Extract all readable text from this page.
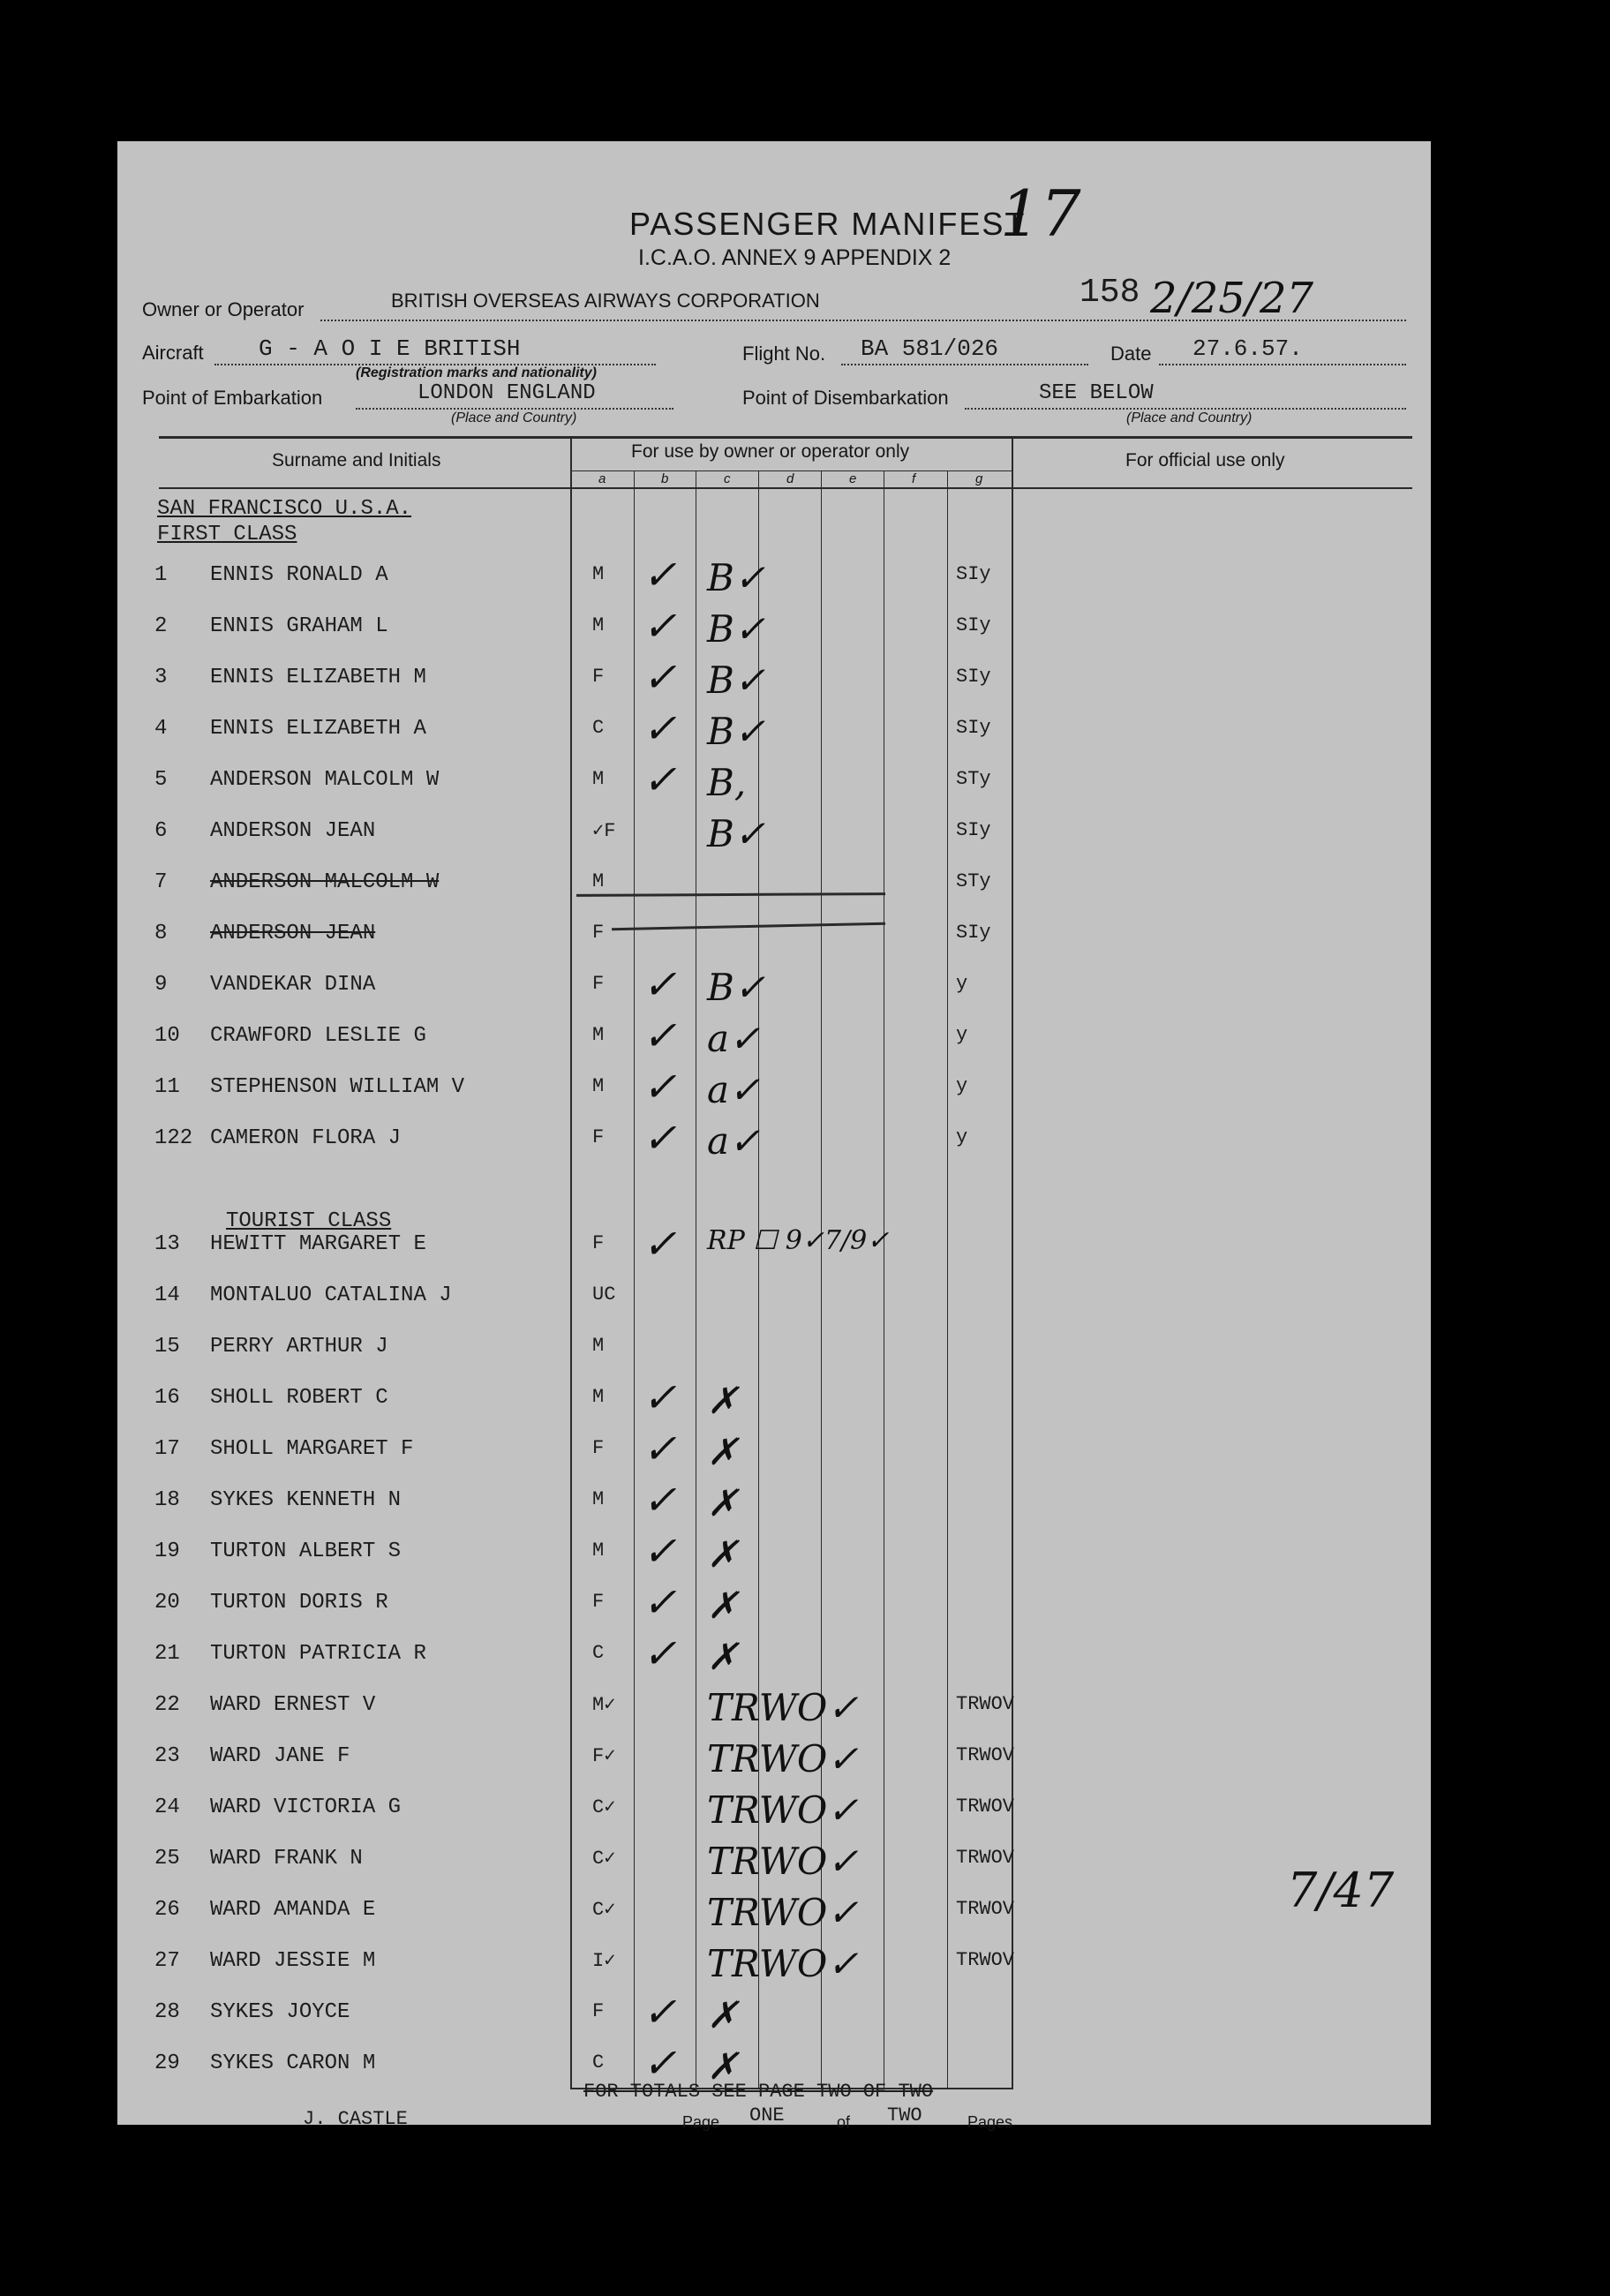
PASSENGER MANIFEST
I.C.A.O. ANNEX 9 APPENDIX 2
17
158 2/25/27
Owner or Operator	BRITISH OVERSEAS AIRWAYS CORPORATION
Aircraft G - A O I E BRITISH
(Registration marks and nationality)
Flight No. BA 581/026	Date 27.6.57.
Point of Embarkation	LONDON ENGLAND
(Place and Country)
Point of Disembarkation	SEE BELOW
(Place and Country)
Surname and Initials	For use by owner or operator only	For official use only
a	b	c	d	e	f	g
SAN FRANCISCO U.S.A.
FIRST CLASS
TOURIST CLASS
1 ENNIS RONALD A	M ✓ B✓	SIy
2 ENNIS GRAHAM L	M ✓ B✓	SIy
3 ENNIS ELIZABETH M	F ✓ B✓	SIy
4 ENNIS ELIZABETH A	C ✓ B✓	SIy
5 ANDERSON MALCOLM W	M ✓ B,	STy
6 ANDERSON JEAN	✓F B✓	SIy
7 ANDERSON MALCOLM W	M	STy
8 ANDERSON JEAN	F	SIy
9 VANDEKAR DINA	F ✓ B✓	y
10 CRAWFORD LESLIE G	M ✓ a✓	y
11 STEPHENSON WILLIAM V	M ✓ a✓	y
122 CAMERON FLORA J	F ✓ a✓	y
13 HEWITT MARGARET E	F ✓ RP ☐ 9✓7/9✓
14 MONTALUO CATALINA J	UC
15 PERRY ARTHUR J	M
16 SHOLL ROBERT C	M ✓ ✗
17 SHOLL MARGARET F	F ✓ ✗
18 SYKES KENNETH N	M ✓ ✗
19 TURTON ALBERT S	M ✓ ✗
20 TURTON DORIS R	F ✓ ✗
21 TURTON PATRICIA R	C ✓ ✗
22 WARD ERNEST V	M✓ TRWO✓	TRWOV
23 WARD JANE F	F✓ TRWO✓	TRWOV
24 WARD VICTORIA G	C✓ TRWO✓	TRWOV
25 WARD FRANK N	C✓ TRWO✓	TRWOV
26 WARD AMANDA E	C✓ TRWO✓	TRWOV
27 WARD JESSIE M	I✓ TRWO✓	TRWOV
28 SYKES JOYCE	F ✓ ✗
29 SYKES CARON M	C ✓ ✗
FOR TOTALS SEE PAGE TWO OF TWO
J. CASTLE	Page ONE	of TWO	Pages
7/47
